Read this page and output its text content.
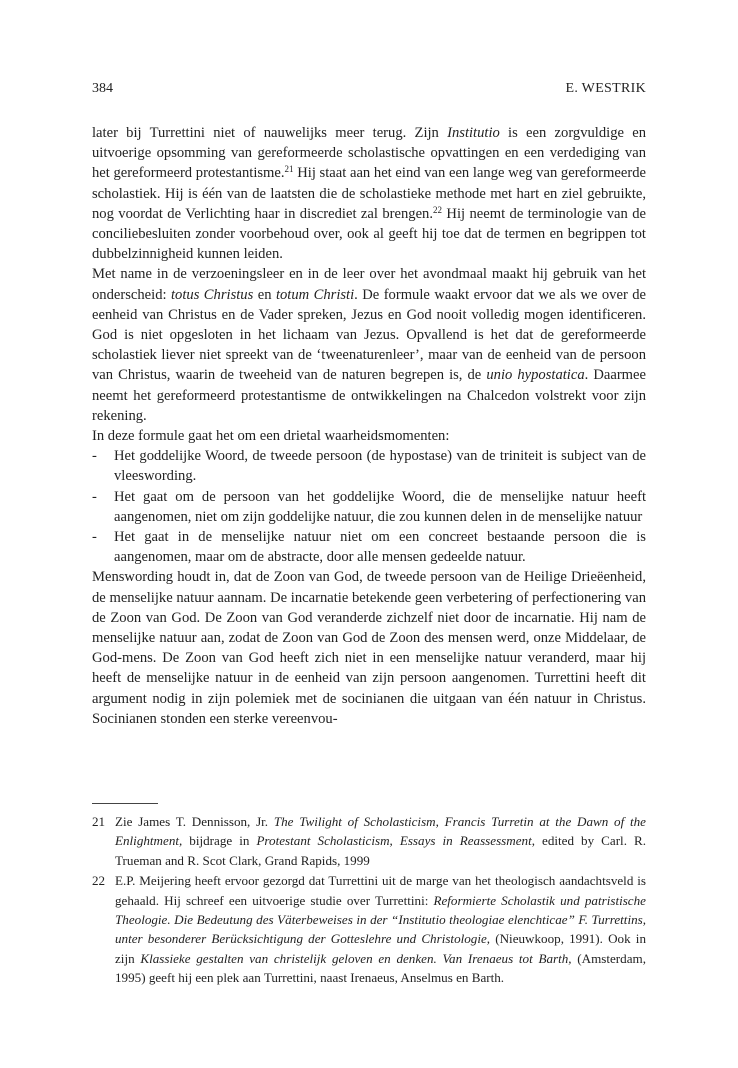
384	E. WESTRIK

later bij Turrettini niet of nauwelijks meer terug. Zijn Institutio is een zorgvuldige en uitvoerige opsomming van gereformeerde scholastische opvattingen en een verdediging van het gereformeerd protestantisme.$^{21}$ Hij staat aan het eind van een lange weg van gereformeerde scholastiek. Hij is één van de laatsten die de scholastieke methode met hart en ziel gebruikte, nog voordat de Verlichting haar in discrediet zal brengen.$^{22}$ Hij neemt de terminologie van de conciliebesluiten zonder voorbehoud over, ook al geeft hij toe dat de termen en begrippen tot dubbelzinnigheid kunnen leiden.

Met name in de verzoeningsleer en in de leer over het avondmaal maakt hij gebruik van het onderscheid: totus Christus en totum Christi. De formule waakt ervoor dat we als we over de eenheid van Christus en de Vader spreken, Jezus en God nooit volledig mogen identificeren. God is niet opgesloten in het lichaam van Jezus. Opvallend is het dat de gereformeerde scholastiek liever niet spreekt van de ‘tweenaturenleer’, maar van de eenheid van de persoon van Christus, waarin de tweeheid van de naturen begrepen is, de unio hypostatica. Daarmee neemt het gereformeerd protestantisme de ontwikkelingen na Chalcedon volstrekt voor zijn rekening.

In deze formule gaat het om een drietal waarheidsmomenten:

- Het goddelijke Woord, de tweede persoon (de hypostase) van de triniteit is subject van de vleeswording.
- Het gaat om de persoon van het goddelijke Woord, die de menselijke natuur heeft aangenomen, niet om zijn goddelijke natuur, die zou kunnen delen in de menselijke natuur
- Het gaat in de menselijke natuur niet om een concreet bestaande persoon die is aangenomen, maar om de abstracte, door alle mensen gedeelde natuur.

Menswording houdt in, dat de Zoon van God, de tweede persoon van de Heilige Drieëenheid, de menselijke natuur aannam. De incarnatie betekende geen verbetering of perfectionering van de Zoon van God. De Zoon van God veranderde zichzelf niet door de incarnatie. Hij nam de menselijke natuur aan, zodat de Zoon van God de Zoon des mensen werd, onze Middelaar, de God-mens. De Zoon van God heeft zich niet in een menselijke natuur veranderd, maar hij heeft de menselijke natuur in de eenheid van zijn persoon aangenomen. Turrettini heeft dit argument nodig in zijn polemiek met de socinianen die uitgaan van één natuur in Christus. Socinianen stonden een sterke vereenvou-

21 Zie James T. Dennisson, Jr. The Twilight of Scholasticism, Francis Turretin at the Dawn of the Enlightment, bijdrage in Protestant Scholasticism, Essays in Reassessment, edited by Carl. R. Trueman and R. Scot Clark, Grand Rapids, 1999

22 E.P. Meijering heeft ervoor gezorgd dat Turrettini uit de marge van het theologisch aandachtsveld is gehaald. Hij schreef een uitvoerige studie over Turrettini: Reformierte Scholastik und patristische Theologie. Die Bedeutung des Väterbeweises in der “Institutio theologiae elenchticae” F. Turrettins, unter besonderer Berücksichtigung der Gotteslehre und Christologie, (Nieuwkoop, 1991). Ook in zijn Klassieke gestalten van christelijk geloven en denken. Van Irenaeus tot Barth, (Amsterdam, 1995) geeft hij een plek aan Turrettini, naast Irenaeus, Anselmus en Barth.
